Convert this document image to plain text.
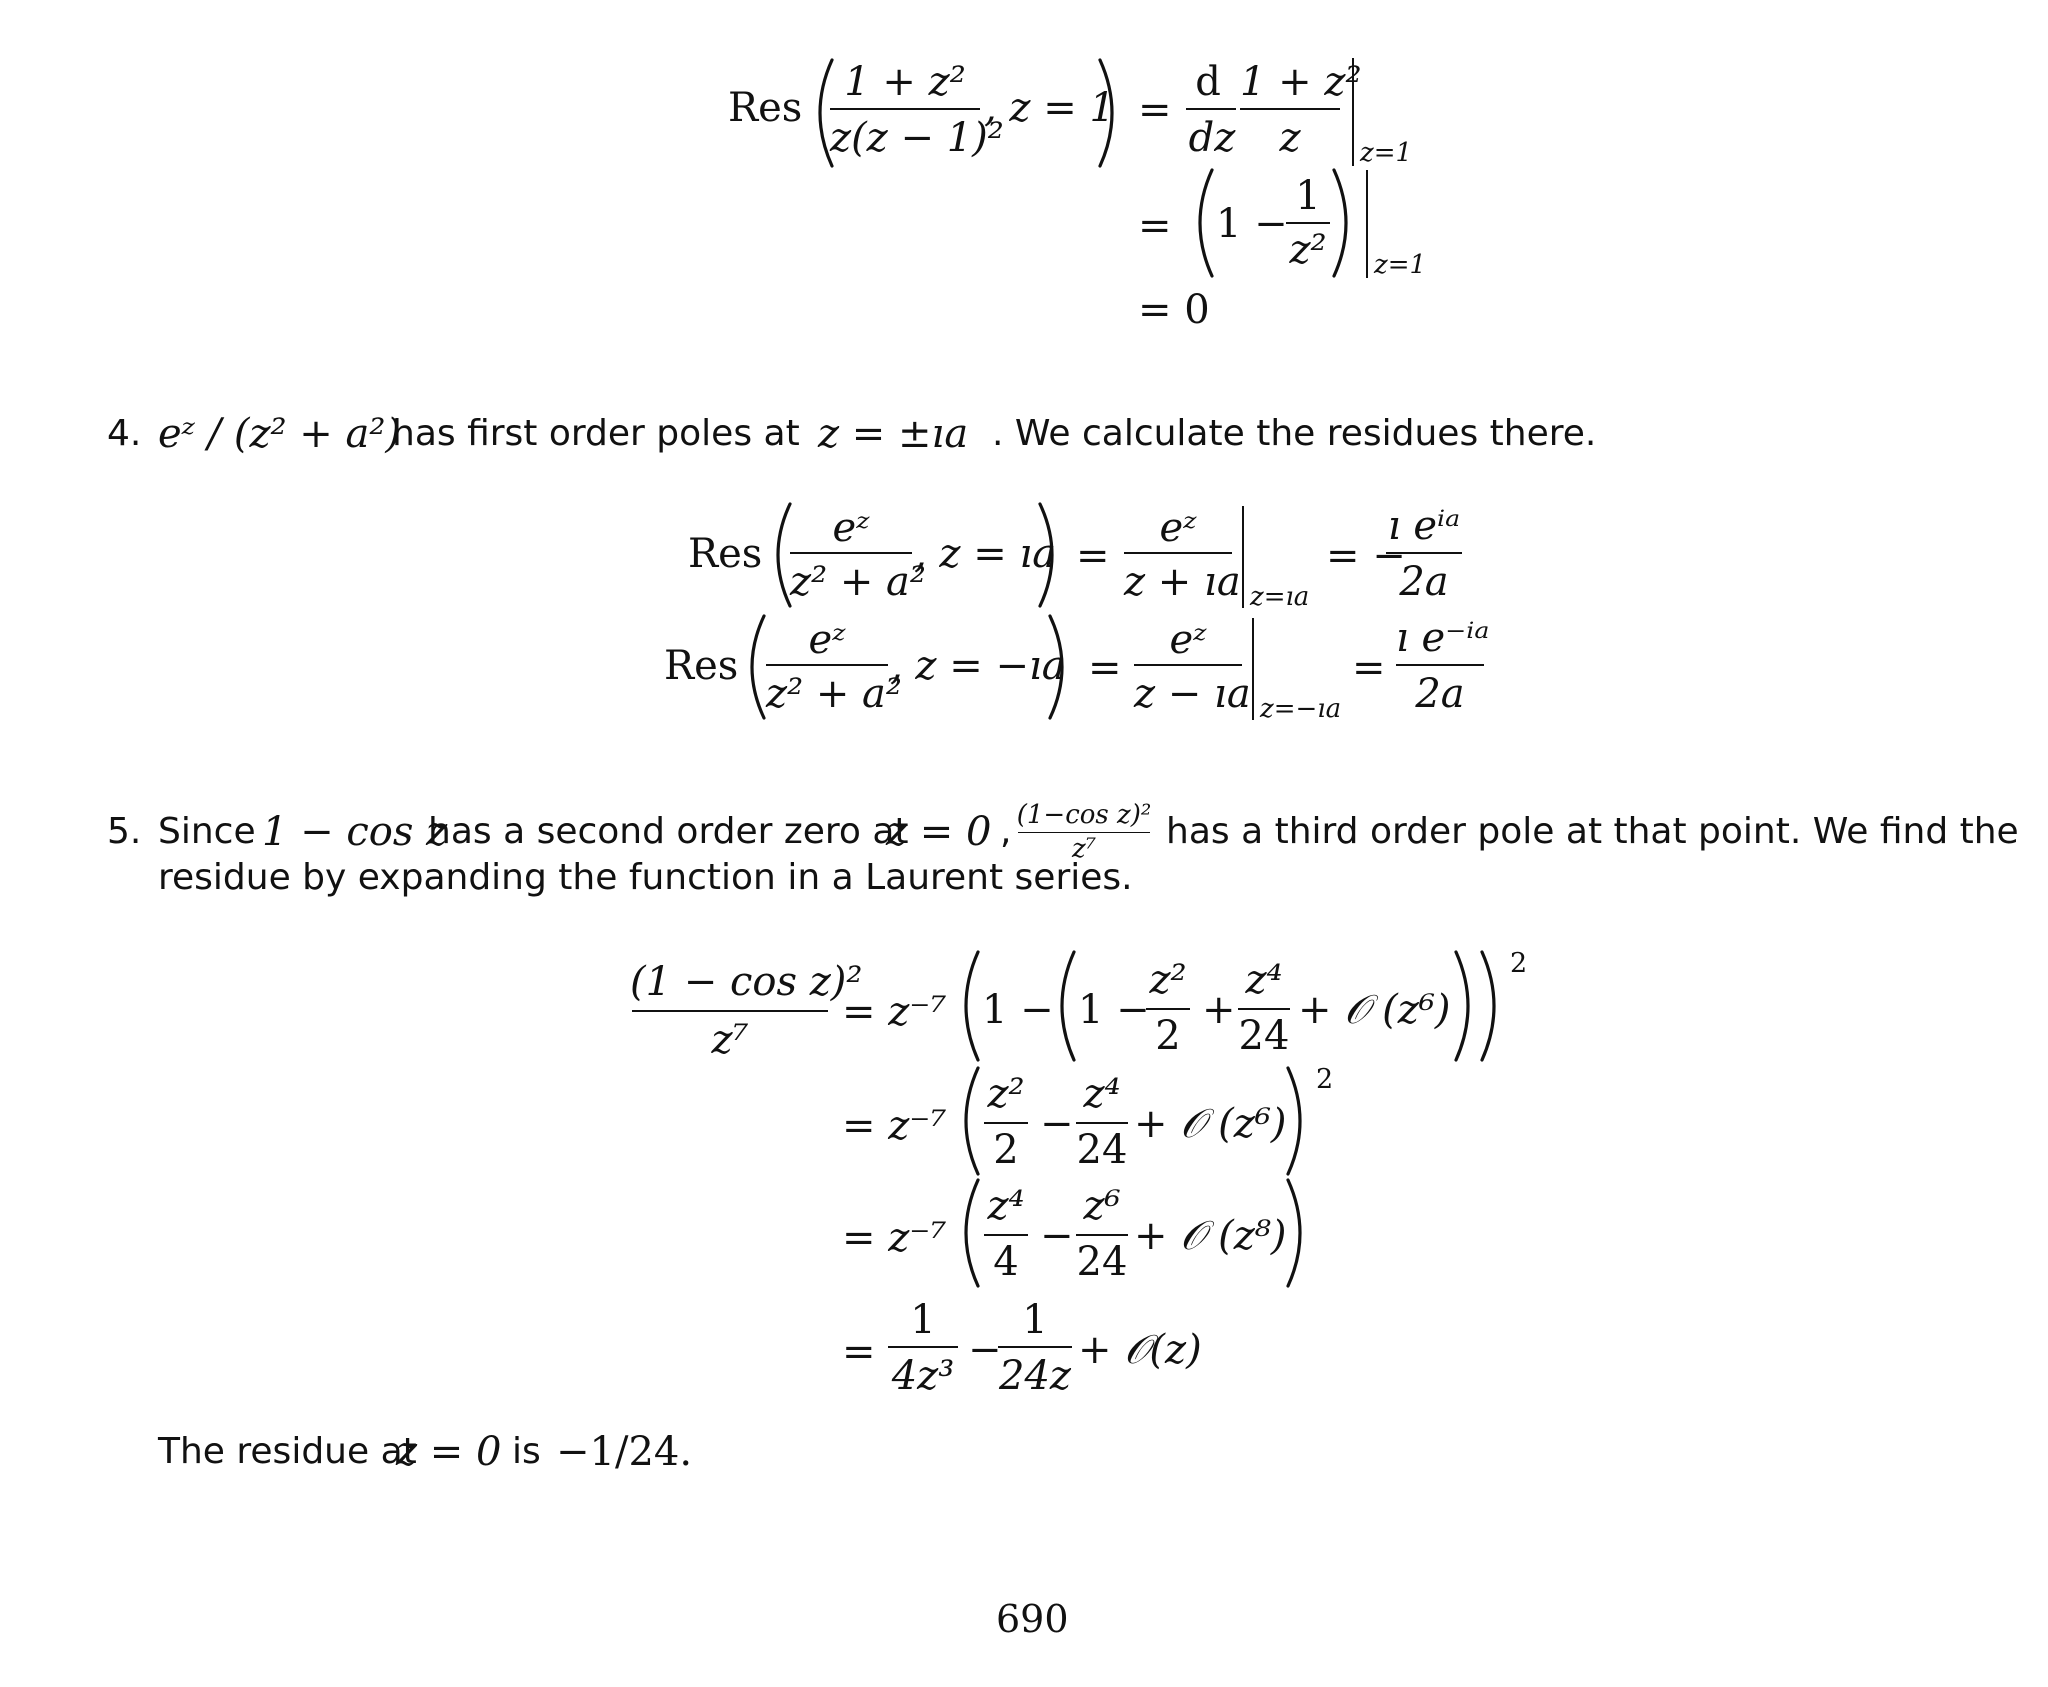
Res
1 + z²
z(z − 1)²
, z = 1 =
d
dz
1 + z²
z	z=1
= 1 −
1
z² z=1
= 0
4. eᶻ / (z² + a²)
has first order poles at z = ±ıa . We calculate the residues there.
Res
eᶻ
z² + a²
, z = ıa =
eᶻ
z + ıa z=ıa
= −
ı eⁱᵃ
2a
Res
eᶻ
z² + a²
, z = −ıa =
eᶻ
z − ıa z=−ıa
=
ı e⁻ⁱᵃ
2a
5. Since 1 − cos z
has a second order zero at
z = 0 , (1−cos z)²
z⁷	has a third order pole at that point. We find the
residue by expanding the function in a Laurent series.
(1 − cos z)²
z⁷
= z⁻⁷ 1 − 1 −
z²
2
+
z⁴
24
+ 𝒪 (z⁶)
2
= z⁻⁷
z²
2
−
z⁴
24
+ 𝒪 (z⁶)
2
= z⁻⁷
z⁴
4
−
z⁶
24
+ 𝒪 (z⁸)
=
1
4z³
−
1
24z
+ 𝒪(z)
The residue at
z = 0 is −1/24.
690
